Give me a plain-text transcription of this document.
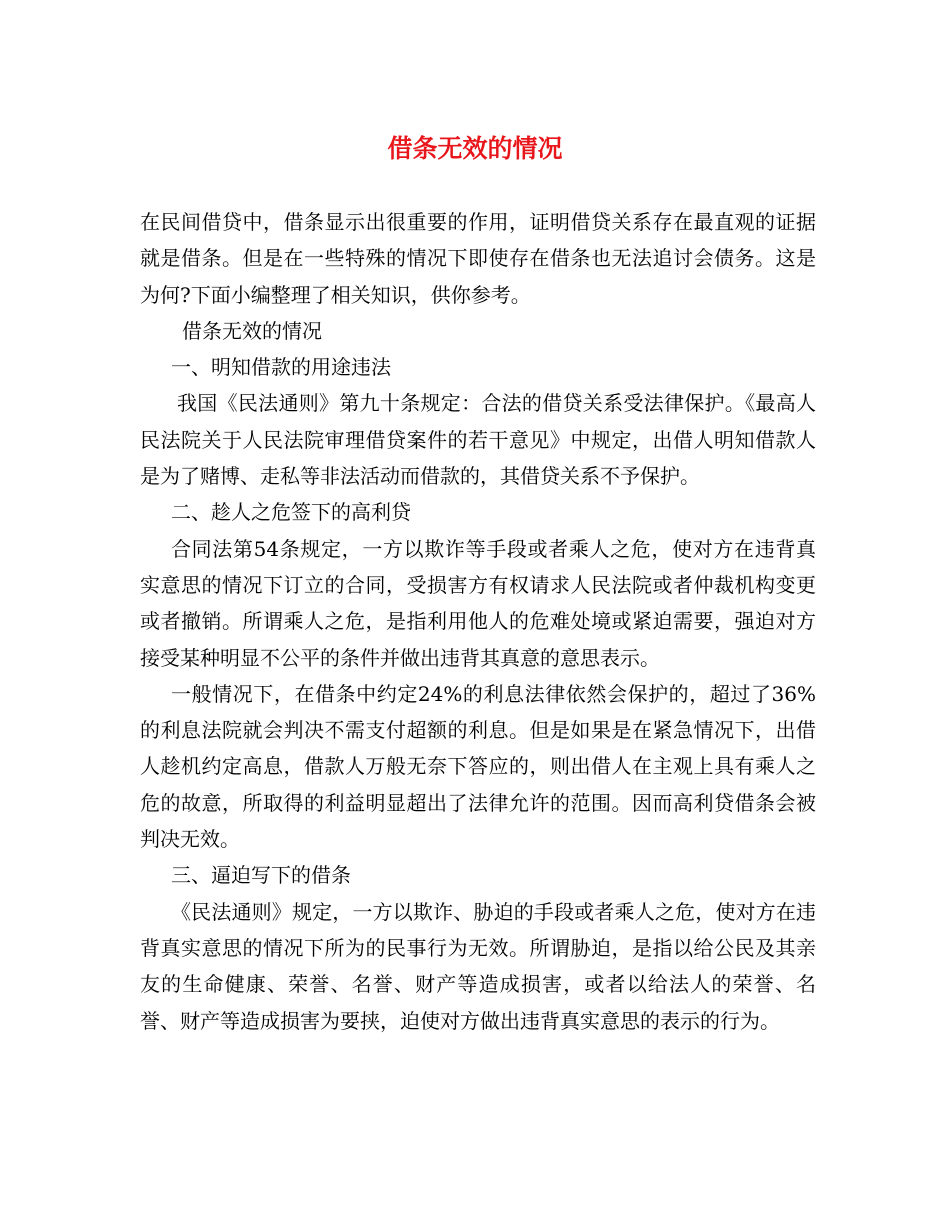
借条无效的情况

在民间借贷中，借条显示出很重要的作用，证明借贷关系存在最直观的证据就是借条。但是在一些特殊的情况下即使存在借条也无法追讨会债务。这是为何?下面小编整理了相关知识，供你参考。

借条无效的情况

一、明知借款的用途违法

我国《民法通则》第九十条规定：合法的借贷关系受法律保护。《最高人民法院关于人民法院审理借贷案件的若干意见》中规定，出借人明知借款人是为了赌博、走私等非法活动而借款的，其借贷关系不予保护。

二、趁人之危签下的高利贷

合同法第54条规定，一方以欺诈等手段或者乘人之危，使对方在违背真实意思的情况下订立的合同，受损害方有权请求人民法院或者仲裁机构变更或者撤销。所谓乘人之危，是指利用他人的危难处境或紧迫需要，强迫对方接受某种明显不公平的条件并做出违背其真意的意思表示。

一般情况下，在借条中约定24%的利息法律依然会保护的，超过了36%的利息法院就会判决不需支付超额的利息。但是如果是在紧急情况下，出借人趁机约定高息，借款人万般无奈下答应的，则出借人在主观上具有乘人之危的故意，所取得的利益明显超出了法律允许的范围。因而高利贷借条会被判决无效。

三、逼迫写下的借条

《民法通则》规定，一方以欺诈、胁迫的手段或者乘人之危，使对方在违背真实意思的情况下所为的民事行为无效。所谓胁迫，是指以给公民及其亲友的生命健康、荣誉、名誉、财产等造成损害，或者以给法人的荣誉、名誉、财产等造成损害为要挟，迫使对方做出违背真实意思的表示的行为。
